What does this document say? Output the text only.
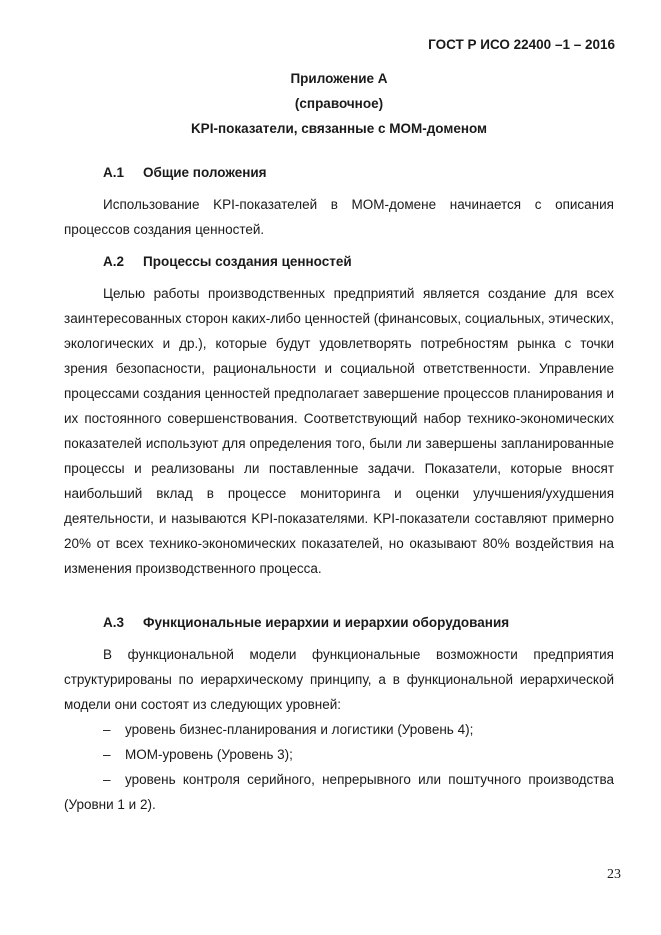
ГОСТ Р ИСО 22400 –1 – 2016
Приложение А
(справочное)
KPI-показатели, связанные с MOM-доменом
А.1 Общие положения

Использование KPI-показателей в MOM-домене начинается с описания процессов создания ценностей.

А.2 Процессы создания ценностей

Целью работы производственных предприятий является создание для всех заинтересованных сторон каких-либо ценностей (финансовых, социальных, этических, экологических и др.), которые будут удовлетворять потребностям рынка с точки зрения безопасности, рациональности и социальной ответственности. Управление процессами создания ценностей предполагает завершение процессов планирования и их постоянного совершенствования. Соответствующий набор технико-экономических показателей используют для определения того, были ли завершены запланированные процессы и реализованы ли поставленные задачи. Показатели, которые вносят наибольший вклад в процессе мониторинга и оценки улучшения/ухудшения деятельности, и называются KPI-показателями. KPI-показатели составляют примерно 20% от всех технико-экономических показателей, но оказывают 80% воздействия на изменения производственного процесса.

А.3 Функциональные иерархии и иерархии оборудования

В функциональной модели функциональные возможности предприятия структурированы по иерархическому принципу, а в функциональной иерархической модели они состоят из следующих уровней:

– уровень бизнес-планирования и логистики (Уровень 4);

– MOM-уровень (Уровень 3);

– уровень контроля серийного, непрерывного или поштучного производства (Уровни 1 и 2).

23
